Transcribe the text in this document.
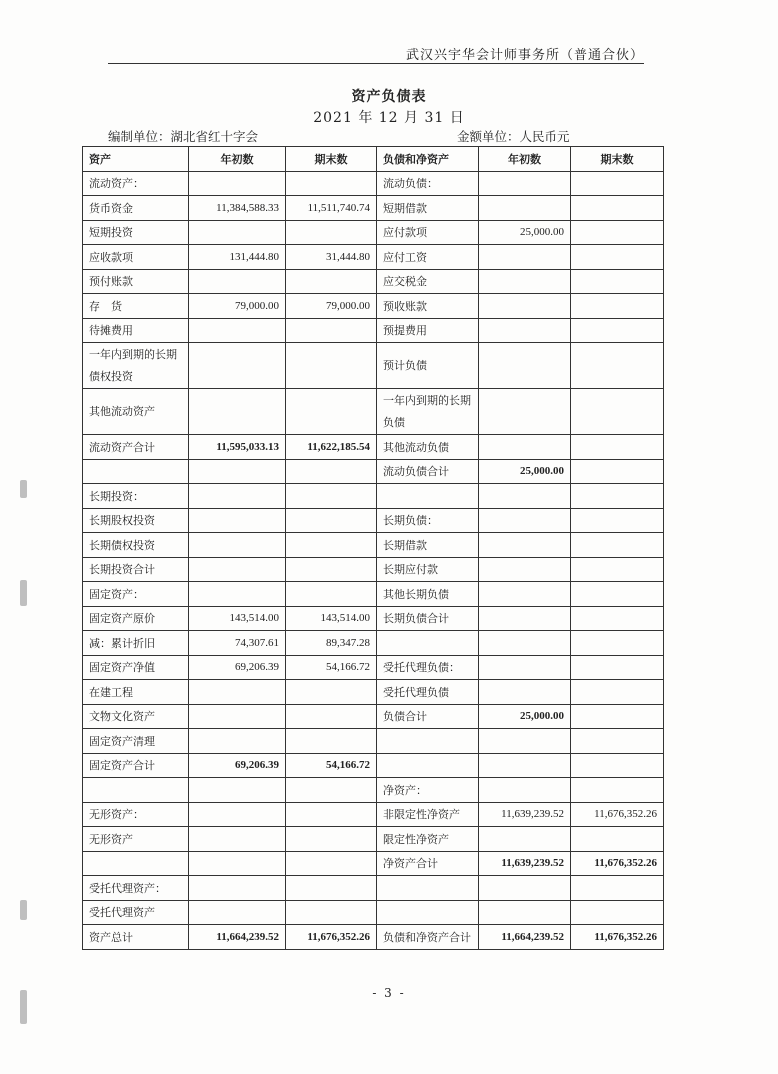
武汉兴宇华会计师事务所（普通合伙）
资产负债表
2021 年 12 月 31 日
编制单位：湖北省红十字会	金额单位：人民币元
资产	年初数	期末数	负债和净资产	年初数	期末数
流动资产：			流动负债：		
货币资金	11,384,588.33	11,511,740.74	短期借款		
短期投资			应付款项	25,000.00	
应收款项	131,444.80	31,444.80	应付工资		
预付账款			应交税金		
存　货	79,000.00	79,000.00	预收账款		
待摊费用			预提费用		
一年内到期的长期债权投资			预计负债		
其他流动资产			一年内到期的长期负债		
流动资产合计	11,595,033.13	11,622,185.54	其他流动负债		
			流动负债合计	25,000.00	
长期投资：					
长期股权投资			长期负债：		
长期债权投资			长期借款		
长期投资合计			长期应付款		
固定资产：			其他长期负债		
固定资产原价	143,514.00	143,514.00	长期负债合计		
减：累计折旧	74,307.61	89,347.28			
固定资产净值	69,206.39	54,166.72	受托代理负债：		
在建工程			受托代理负债		
文物文化资产			负债合计	25,000.00	
固定资产清理					
固定资产合计	69,206.39	54,166.72			
			净资产：		
无形资产：			非限定性净资产	11,639,239.52	11,676,352.26
无形资产			限定性净资产		
			净资产合计	11,639,239.52	11,676,352.26
受托代理资产：					
受托代理资产					
资产总计	11,664,239.52	11,676,352.26	负债和净资产合计	11,664,239.52	11,676,352.26
- 3 -
